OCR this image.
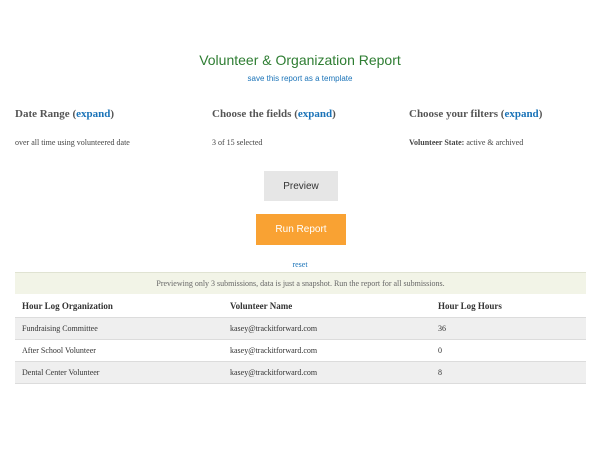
Volunteer & Organization Report
save this report as a template
Date Range (expand)
over all time using volunteered date
Choose the fields (expand)
3 of 15 selected
Choose your filters (expand)
Volunteer State: active & archived
Preview
Run Report
reset
Previewing only 3 submissions, data is just a snapshot. Run the report for all submissions.
Hour Log Organization	Volunteer Name	Hour Log Hours
Fundraising Committee	kasey@trackitforward.com	36
After School Volunteer	kasey@trackitforward.com	0
Dental Center Volunteer	kasey@trackitforward.com	8
